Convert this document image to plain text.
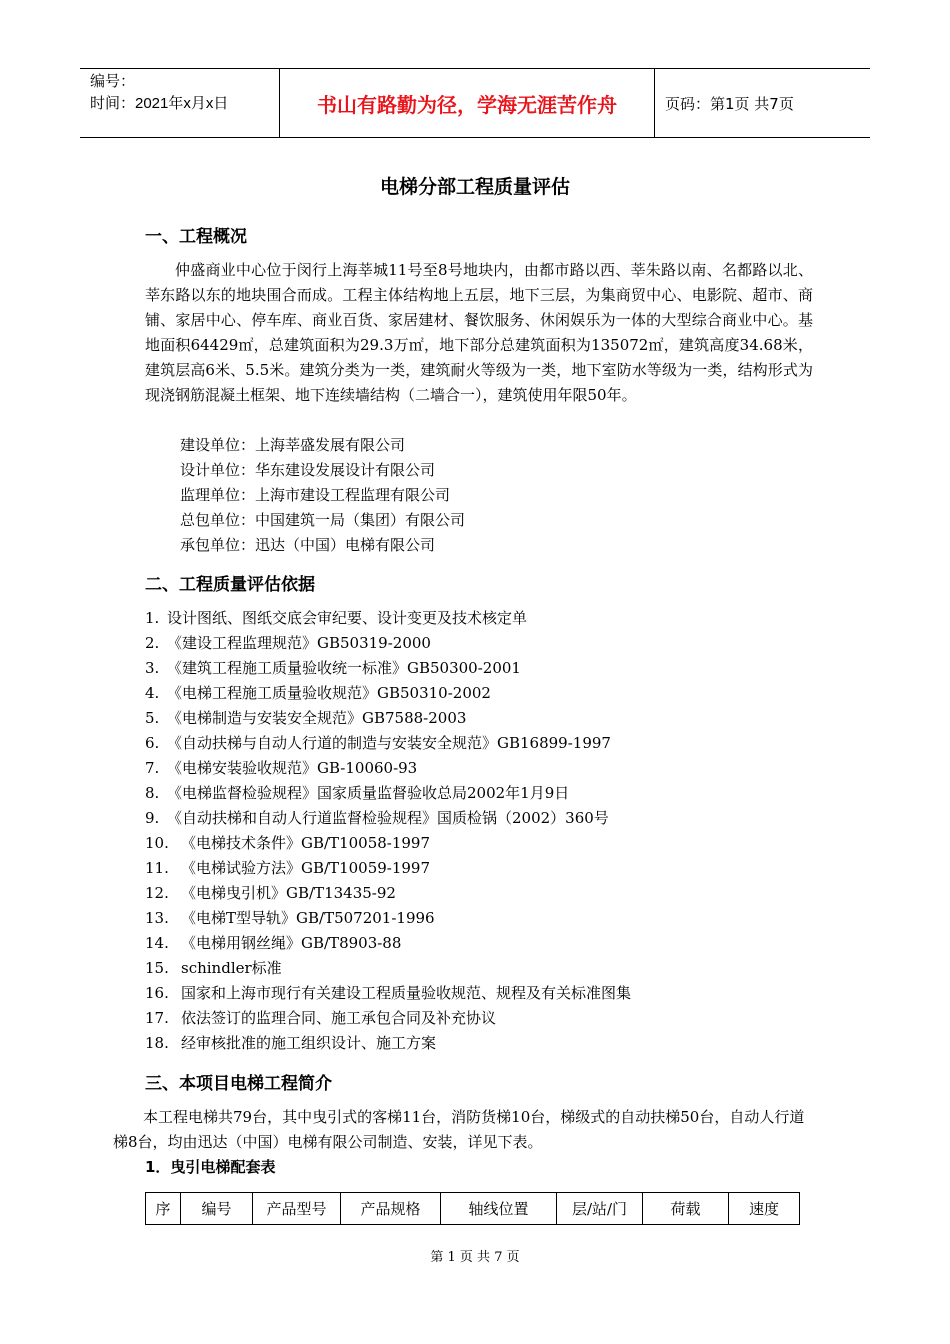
编号：
时间：2021年x月x日	书山有路勤为径，学海无涯苦作舟	页码：第1页 共7页
电梯分部工程质量评估
一、工程概况

仲盛商业中心位于闵行上海莘城11号至8号地块内，由都市路以西、莘朱路以南、名都路以北、莘东路以东的地块围合而成。工程主体结构地上五层，地下三层，为集商贸中心、电影院、超市、商铺、家居中心、停车库、商业百货、家居建材、餐饮服务、休闲娱乐为一体的大型综合商业中心。基地面积64429㎡，总建筑面积为29.3万㎡，地下部分总建筑面积为135072㎡，建筑高度34.68米，建筑层高6米、5.5米。建筑分类为一类，建筑耐火等级为一类，地下室防水等级为一类，结构形式为现浇钢筋混凝土框架、地下连续墙结构（二墙合一），建筑使用年限50年。

建设单位：上海莘盛发展有限公司
设计单位：华东建设发展设计有限公司
监理单位：上海市建设工程监理有限公司
总包单位：中国建筑一局（集团）有限公司
承包单位：迅达（中国）电梯有限公司
二、工程质量评估依据
1. 设计图纸、图纸交底会审纪要、设计变更及技术核定单
2. 《建设工程监理规范》GB50319-2000
3. 《建筑工程施工质量验收统一标准》GB50300-2001
4. 《电梯工程施工质量验收规范》GB50310-2002
5. 《电梯制造与安装安全规范》GB7588-2003
6. 《自动扶梯与自动人行道的制造与安装安全规范》GB16899-1997
7. 《电梯安装验收规范》GB-10060-93
8. 《电梯监督检验规程》国家质量监督验收总局2002年1月9日
9. 《自动扶梯和自动人行道监督检验规程》国质检锅（2002）360号
10. 《电梯技术条件》GB/T10058-1997
11. 《电梯试验方法》GB/T10059-1997
12. 《电梯曳引机》GB/T13435-92
13. 《电梯T型导轨》GB/T507201-1996
14. 《电梯用钢丝绳》GB/T8903-88
15. schindler标准
16. 国家和上海市现行有关建设工程质量验收规范、规程及有关标准图集
17. 依法签订的监理合同、施工承包合同及补充协议
18. 经审核批准的施工组织设计、施工方案
三、本项目电梯工程简介

本工程电梯共79台，其中曳引式的客梯11台，消防货梯10台，梯级式的自动扶梯50台，自动人行道梯8台，均由迅达（中国）电梯有限公司制造、安装，详见下表。

1．曳引电梯配套表
序	编号	产品型号	产品规格	轴线位置	层/站/门	荷载	速度
第 1 页 共 7 页
